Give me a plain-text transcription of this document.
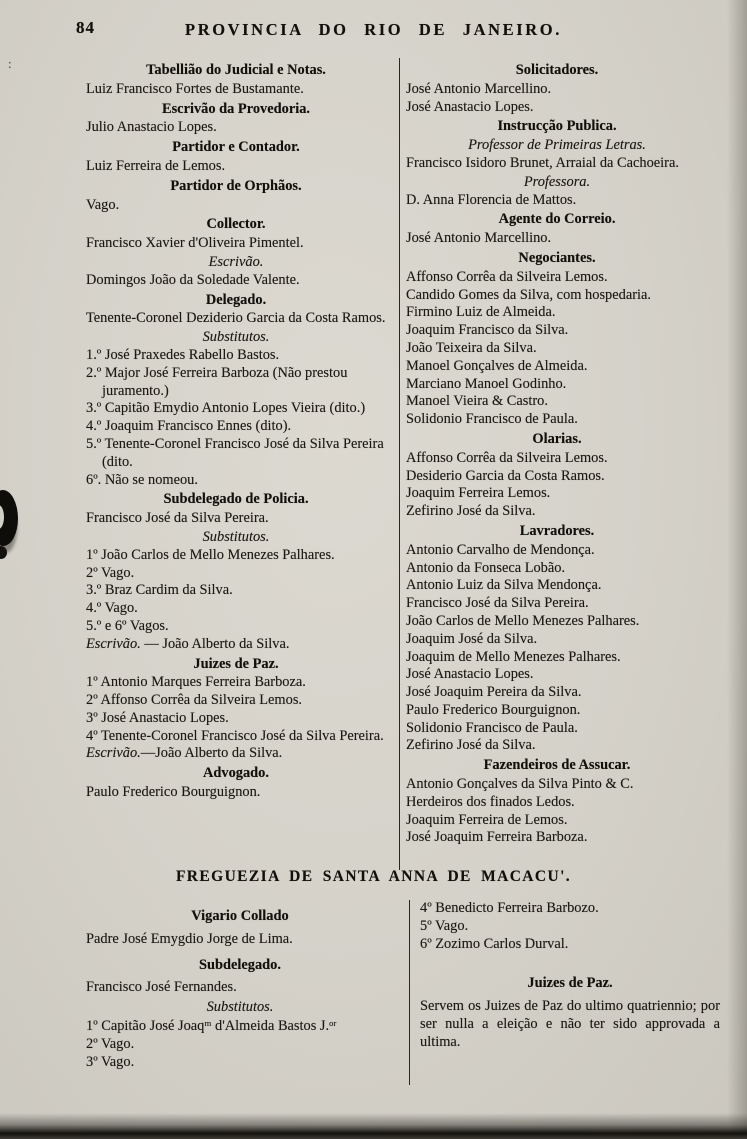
84	PROVINCIA DO RIO DE JANEIRO.
Tabellião do Judicial e Notas.
Luiz Francisco Fortes de Bustamante.
Escrivão da Provedoria.
Julio Anastacio Lopes.
Partidor e Contador.
Luiz Ferreira de Lemos.
Partidor de Orphãos.
Vago.
Collector.
Francisco Xavier d'Oliveira Pimentel.
Escrivão.
Domingos João da Soledade Valente.
Delegado.
Tenente-Coronel Deziderio Garcia da Costa Ramos.
Substitutos.
1.º José Praxedes Rabello Bastos.
2.º Major José Ferreira Barboza (Não prestou juramento.)
3.º Capitão Emydio Antonio Lopes Vieira (dito.)
4.º Joaquim Francisco Ennes (dito).
5.º Tenente-Coronel Francisco José da Silva Pereira (dito.
6º. Não se nomeou.
Subdelegado de Policia.
Francisco José da Silva Pereira.
Substitutos.
1º João Carlos de Mello Menezes Palhares.
2º Vago.
3.º Braz Cardim da Silva.
4.º Vago.
5.º e 6º Vagos.
Escrivão. — João Alberto da Silva.
Juizes de Paz.
1º Antonio Marques Ferreira Barboza.
2º Affonso Corrêa da Silveira Lemos.
3º José Anastacio Lopes.
4º Tenente-Coronel Francisco José da Silva Pereira.
Escrivão.—João Alberto da Silva.
Advogado.
Paulo Frederico Bourguignon.
Solicitadores.
José Antonio Marcellino.
José Anastacio Lopes.
Instrucção Publica.
Professor de Primeiras Letras.
Francisco Isidoro Brunet, Arraial da Cachoeira.
Professora.
D. Anna Florencia de Mattos.
Agente do Correio.
José Antonio Marcellino.
Negociantes.
Affonso Corrêa da Silveira Lemos.
Candido Gomes da Silva, com hospedaria.
Firmino Luiz de Almeida.
Joaquim Francisco da Silva.
João Teixeira da Silva.
Manoel Gonçalves de Almeida.
Marciano Manoel Godinho.
Manoel Vieira & Castro.
Solidonio Francisco de Paula.
Olarias.
Affonso Corrêa da Silveira Lemos.
Desiderio Garcia da Costa Ramos.
Joaquim Ferreira Lemos.
Zefirino José da Silva.
Lavradores.
Antonio Carvalho de Mendonça.
Antonio da Fonseca Lobão.
Antonio Luiz da Silva Mendonça.
Francisco José da Silva Pereira.
João Carlos de Mello Menezes Palhares.
Joaquim José da Silva.
Joaquim de Mello Menezes Palhares.
José Anastacio Lopes.
José Joaquim Pereira da Silva.
Paulo Frederico Bourguignon.
Solidonio Francisco de Paula.
Zefirino José da Silva.
Fazendeiros de Assucar.
Antonio Gonçalves da Silva Pinto & C.
Herdeiros dos finados Ledos.
Joaquim Ferreira de Lemos.
José Joaquim Ferreira Barboza.
FREGUEZIA DE SANTA ANNA DE MACACU'.
Vigario Collado
Padre José Emygdio Jorge de Lima.
Subdelegado.
Francisco José Fernandes.
Substitutos.
1º Capitão José Joaqᵐ d'Almeida Bastos J.ᵒʳ
2º Vago.
3º Vago.
4º Benedicto Ferreira Barbozo.
5º Vago.
6º Zozimo Carlos Durval.
Juizes de Paz.
Servem os Juizes de Paz do ultimo quatriennio; por ser nulla a eleição e não ter sido approvada a ultima.
:
